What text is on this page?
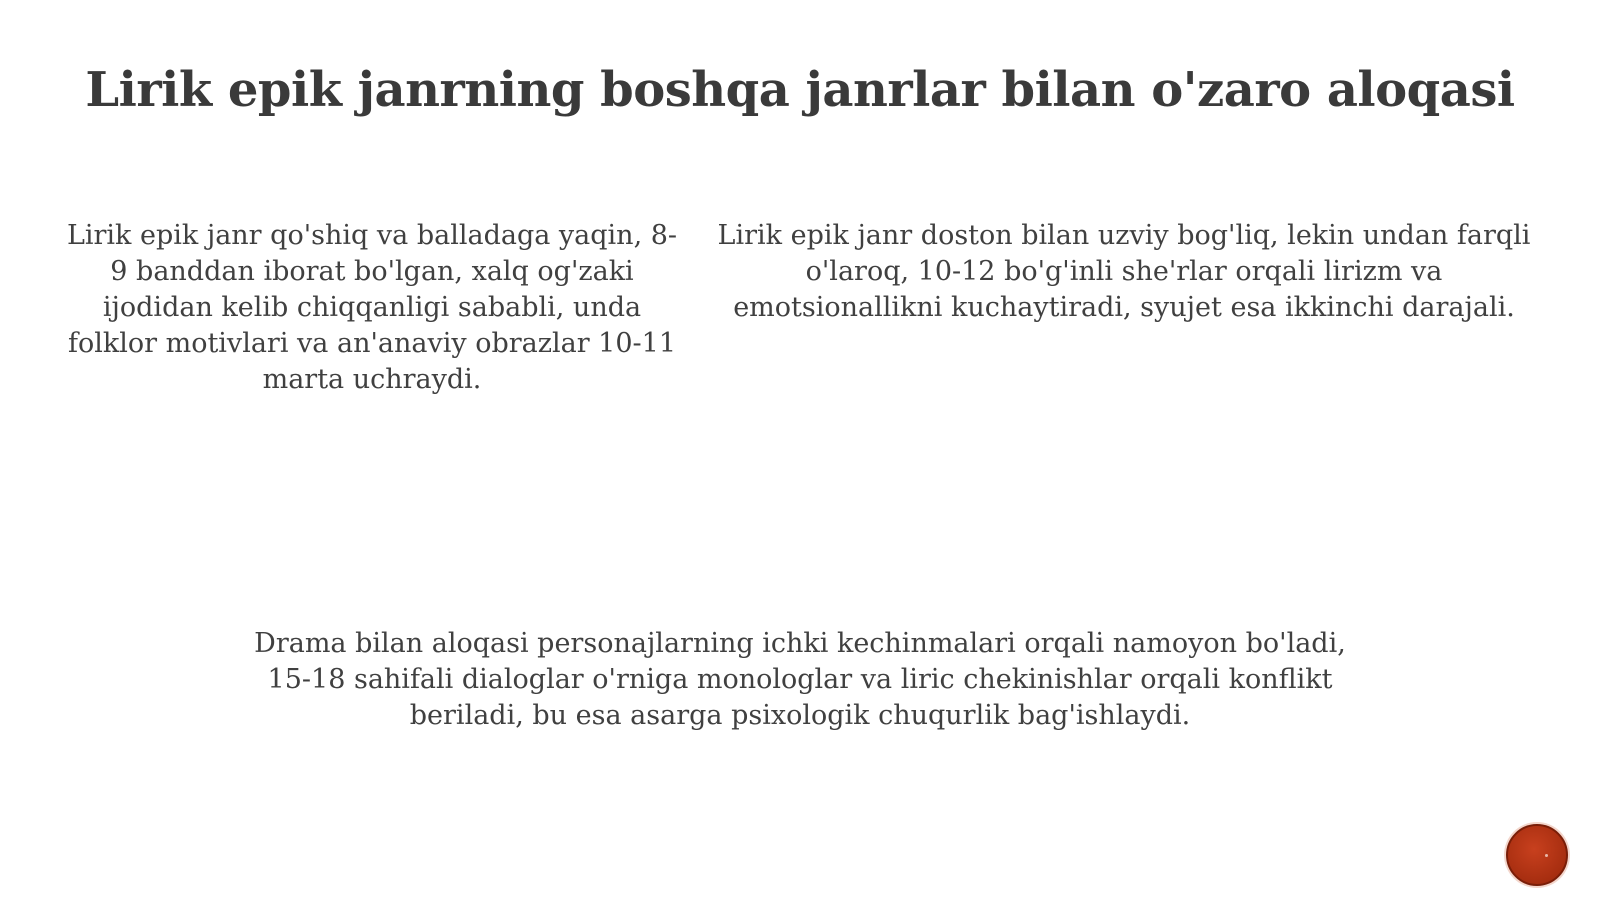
Lirik epik janrning boshqa janrlar bilan o'zaro aloqasi

Lirik epik janr qo'shiq va balladaga yaqin, 8-9 banddan iborat bo'lgan, xalq og'zaki ijodidan kelib chiqqanligi sababli, unda folklor motivlari va an'anaviy obrazlar 10-11 marta uchraydi.

Lirik epik janr doston bilan uzviy bog'liq, lekin undan farqli o'laroq, 10-12 bo'g'inli she'rlar orqali lirizm va emotsionallikni kuchaytiradi, syujet esa ikkinchi darajali.

Drama bilan aloqasi personajlarning ichki kechinmalari orqali namoyon bo'ladi, 15-18 sahifali dialoglar o'rniga monologlar va liric chekinishlar orqali konflikt beriladi, bu esa asarga psixologik chuqurlik bag'ishlaydi.
